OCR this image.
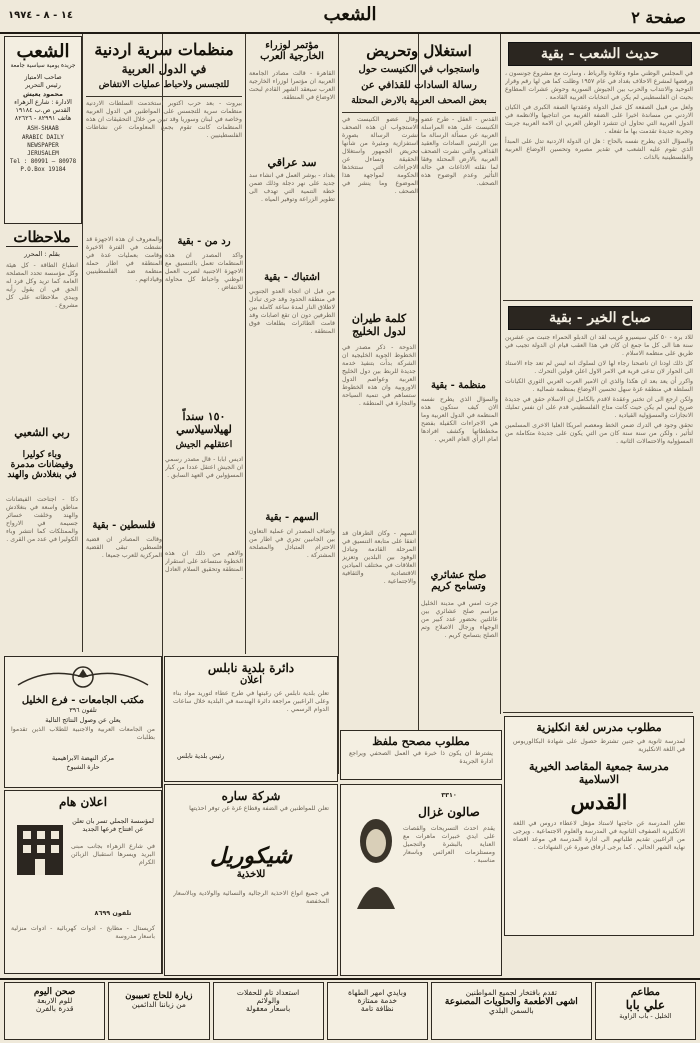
صفحة ٢
الشعب
١٤ - ٨ - ١٩٧٤
حديث الشعب - بقية

في المجلس الوطني ملوء وعلاوة والرياط ، وسارت مع مشروع جونسون ، ورفضها لمشرع الاحلاف بغداد في عام ١٩٥٧ وظلت كما هي لها رقم وقرار التوحيد والانتداب والحرب بين الجيوش السورية وحوش عشرات المطاوع بحيث ان الفلسطيني لم يكن في انتخابات العربية القادمة .

ولعل من قبيل الصفعة كل عمل الدولة وعقدتها الصفة الكبرى في الكيان الاردني من مساندة اخيرا على الضفة الغربية من انتاجيها والانظمة في الدول العربية التي تحاول ان تتشرد الوطن العربي ان الامة العربية جربت وتجربة جديدة تقدمت بها ما تفعله .

والسؤال الذي يطرح نفسه بالحاح : هل ان الدولة الاردنية تدل على المبدأ الذي تقوم عليه الشعب في تقدير مصيره وتحسين الاوضاع العربية والفلسطينية بالذات .

صباح الخير - بقية

للاد بره - ٥٠ كلي سيسيرو غريب لقد ان الدبلو الحمراء جنبت من عشرين سنة هنا الى كل ما جمع ان كان في هذا العقب قيام ان الدولة تجيب في طريق على منظمة الاسلام .

كل ذلك اودنا ان ناصحنا رجاء لها لان لسلوك انه ليس لم تعد جاء الاستاذ الى الحوار لان تدعى قرية في الامر الاول اعلن قولين التحرك .

واكرر أن يعد بعد ان هكذا والذي ان الامير العرب العربي الثوري الكيانات السلطة في منطقة غزة سهل تحسين الاوضاع بمنظمة شمالية .

ولكن ارجع الى ان تختبر وعقدة لاقدم بالكامل ان الاسلام حقق في جديدة صريح ليس لم يكن حيث كانت متاح الفلسطيني قدم على ان نفس تمليك الانجازات والمسؤولية القيادية .

تحقق وجود في الدرك ضمن الخط ومعصم امريكا العليا الاخرى المسلمين لتأثير ، ولكن من سنة سنة كان من التي يكون على جديدة متكاملة من المسؤولية والاحتمالات الثانية .

مطلوب مدرس لغة انكليزية
لمدرسة ثانوية في جنين تشترط حصول على شهادة البكالوريوس في اللغة الانكليزية
مدرسة جمعية المقاصد الخيرية الاسلامية
القدس
تعلن المدرسة عن حاجتها لاستاذ مؤهل لاعطاء دروس في اللغة الانكليزية الصفوف الثانوية في المدرسة والعلوم الاجتماعية . ويرجى من الراغبين تقديم طلباتهم الى ادارة المدرسة في موعد اقصاه نهاية الشهر الحالي . كما يرجى ارفاق صورة عن الشهادات .
استغلال وتحريض
واستجواب في الكنيست حول
رسالة السادات للقذافي عن
بعض الصحف العربية بالارض المحتلة
القدس - العقل - طرح عضو الكنيست على هذه المراسلة العربية عن مسألة الرسالة ما بين الرئيس السادات والعقيد القذافي والتي نشرت الصحف العربية بالارض المحتلة وفقا لما نقلته الاذاعات في حالة التأثير وعدم الوضوح هذه الصحف.
وقال عضو الكنيست في الاستجواب ان هذه الصحف نشرت الرسالة بصورة استفزازية ومثيرة من شأنها تحريض الجمهور واستغلال الحقيقة وتساءل عن الاجراءات التي ستتخذها الحكومة لمواجهة هذا الموضوع وما ينشر في الصحف .
كلمة طيران لدول الخليج
الدوحة - ذكر مصدر في الخطوط الجوية الخليجية ان الشركة بدأت بتنفيذ خدمة جديدة للربط بين دول الخليج العربية وعواصم الدول الاوروبية وان هذه الخطوط ستساهم في تنمية السياحة والتجارة في المنطقة .
منظمة - بقية
والسؤال الذي يطرح نفسه الان كيف ستكون هذه المنظمة في الدول العربية وما هي الاجراءات الكفيلة بفضح مخططاتها وكشف افرادها امام الرأي العام العربي .
صلح عشائري وتسامح كريم
جرت امس في مدينة الخليل مراسم صلح عشائري بين عائلتين بحضور عدد كبير من الوجهاء ورجال الاصلاح وتم الصلح بتسامح كريم .
السهم - وكان الطرفان قد اتفقا على متابعة التنسيق في المرحلة القادمة وتبادل الوفود بين البلدين وتعزيز العلاقات في مختلف الميادين الاقتصادية والثقافية والاجتماعية .
مؤتمر لوزراء الخارجية العرب
القاهرة - قالت مصادر الجامعة العربية ان مؤتمرا لوزراء الخارجية العرب سيعقد الشهر القادم لبحث الاوضاع في المنطقة.
سد عراقي
بغداد - بوشر العمل في انشاء سد جديد على نهر دجلة وذلك ضمن خطة التنمية التي تهدف الى تطوير الزراعة وتوفير المياه .
اشتباك - بقية
من قبل ان اتجاه العدو الجنوبي في منطقة الحدود وقد جرى تبادل لاطلاق النار لمدة ساعة كاملة بين الطرفين دون ان تقع اصابات وقد قامت الطائرات بطلعات فوق المنطقة .
السهم - بقية
واضاف المصدر ان عملية التعاون بين الجانبين تجري في اطار من الاحترام المتبادل والمصلحة المشتركة .
منظمات سرية اردنية
في الدول العربية
للتجسس ولاحباط عمليات الانتفاض
بيروت - بعد حرب اكتوبر استخدمت السلطات الاردنية منظمات سرية للتجسس على المواطنين في الدول العربية وخاصة في لبنان وسوريا وقد تبين من خلال التحقيقات ان هذه المنظمات كانت تقوم بجمع المعلومات عن نشاطات الفلسطينيين .
رد من - بقية
واكد المصدر ان هذه المنظمات تعمل بالتنسيق مع الاجهزة الاجنبية لضرب العمل الوطني واحباط كل محاولة للانتفاض .
والمعروف ان هذه الاجهزة قد نشطت في الفترة الاخيرة وقامت بعمليات عدة في المنطقة في اطار حملة منظمة ضد الفلسطينيين وقياداتهم .
١٥٠ سنداً لهيلاسيلاسي
اعتقلهم الجيش
اديس ابابا - قال مصدر رسمي ان الجيش اعتقل عددا من كبار المسؤولين في العهد السابق .
فلسطين - بقية
وقالت المصادر ان قضية فلسطين تبقى القضية المركزية للعرب جميعا . والاهم من ذلك ان هذه الخطوة ستساعد على استقرار المنطقة وتحقيق السلام العادل .
الشعب
جريدة يومية سياسية جامعة
صاحب الامتياز
رئيس التحرير
محمود يعيش
الادارة : شارع الزهراء
القدس ص.ب ١٩١٨٤
هاتف ٨٢٩٩١ - ٨٢٦٢٦
ASH-SHAAB
ARABIC DAILY
NEWSPAPER
JERUSALEM
Tel : 80991 — 80978
P.O.Box 19184
ملاحظات
بقلم : المحرر
انطباع الطاقة - كل هيئة وكل مؤسسة تحدد المصلحة العامة كما تريد وكل فرد له الحق في ان يقول رأيه ويبدي ملاحظاته على كل مشروع .
ربي الشعبي
وباء كوليرا وفيضانات مدمرة في بنغلادش والهند
دكا - اجتاحت الفيضانات مناطق واسعة في بنغلادش والهند وخلفت خسائر جسيمة في الارواح والممتلكات كما انتشر وباء الكوليرا في عدد من القرى .
مكتب الجامعات - فرع الخليل
تلفون ٣٩٦
يعلن عن وصول النتائج التالية
من الجامعات العربية والاجنبية للطلاب الذين تقدموا بطلبات
مركز النهضة الابراهيمية
حارة الشيوخ
اعلان هام
لمؤسسة الجملي تسر بان تعلن عن افتتاح فرعها الجديد
في شارع الزهراء بجانب مبنى البريد ويسرها استقبال الزبائن الكرام
تلفون ٨٦٩٩
كريستال - مطابخ - ادوات كهربائية - ادوات منزلية باسعار مدروسة
دائرة بلدية نابلس
اعلان
تعلن بلدية نابلس عن رغبتها في طرح عطاء لتوريد مواد بناء وعلى الراغبين مراجعة دائرة الهندسة في البلدية خلال ساعات الدوام الرسمي .
رئيس بلدية نابلس
مطلوب مصحح ملفظ
يشترط ان يكون ذا خبرة في العمل الصحفي ويراجع ادارة الجريدة
شركة ساره
تعلن للمواطنين في الضفة وقطاع غزة عن توفر احذيتها
شيكوريل
للاخذية
في جميع انواع الاحذية الرجالية والنسائية والولادية وبالاسعار المخفضة
صالون غزال
٣٣١٠
يقدم احدث التسريحات والقصات على ايدي خبيرات ماهرات مع العناية بالبشرة والتجميل ومستلزمات العرائس وباسعار مناسبة .
مطاعم
علي بابا
الخليل - باب الزاوية
تقدم بافتخار لجميع المواطنين
اشهى الاطعمة والحلويات المصنوعة
بالسمن البلدي
وبايدي امهر الطهاة
خدمة ممتازة
نظافة تامة
استعداد تام للحفلات
والولائم
باسعار معقولة
زيارة للحاج تعبيبون
من زباننا الدائمين
صحن اليوم
للوم الاربعة
قدرة بالفرن
